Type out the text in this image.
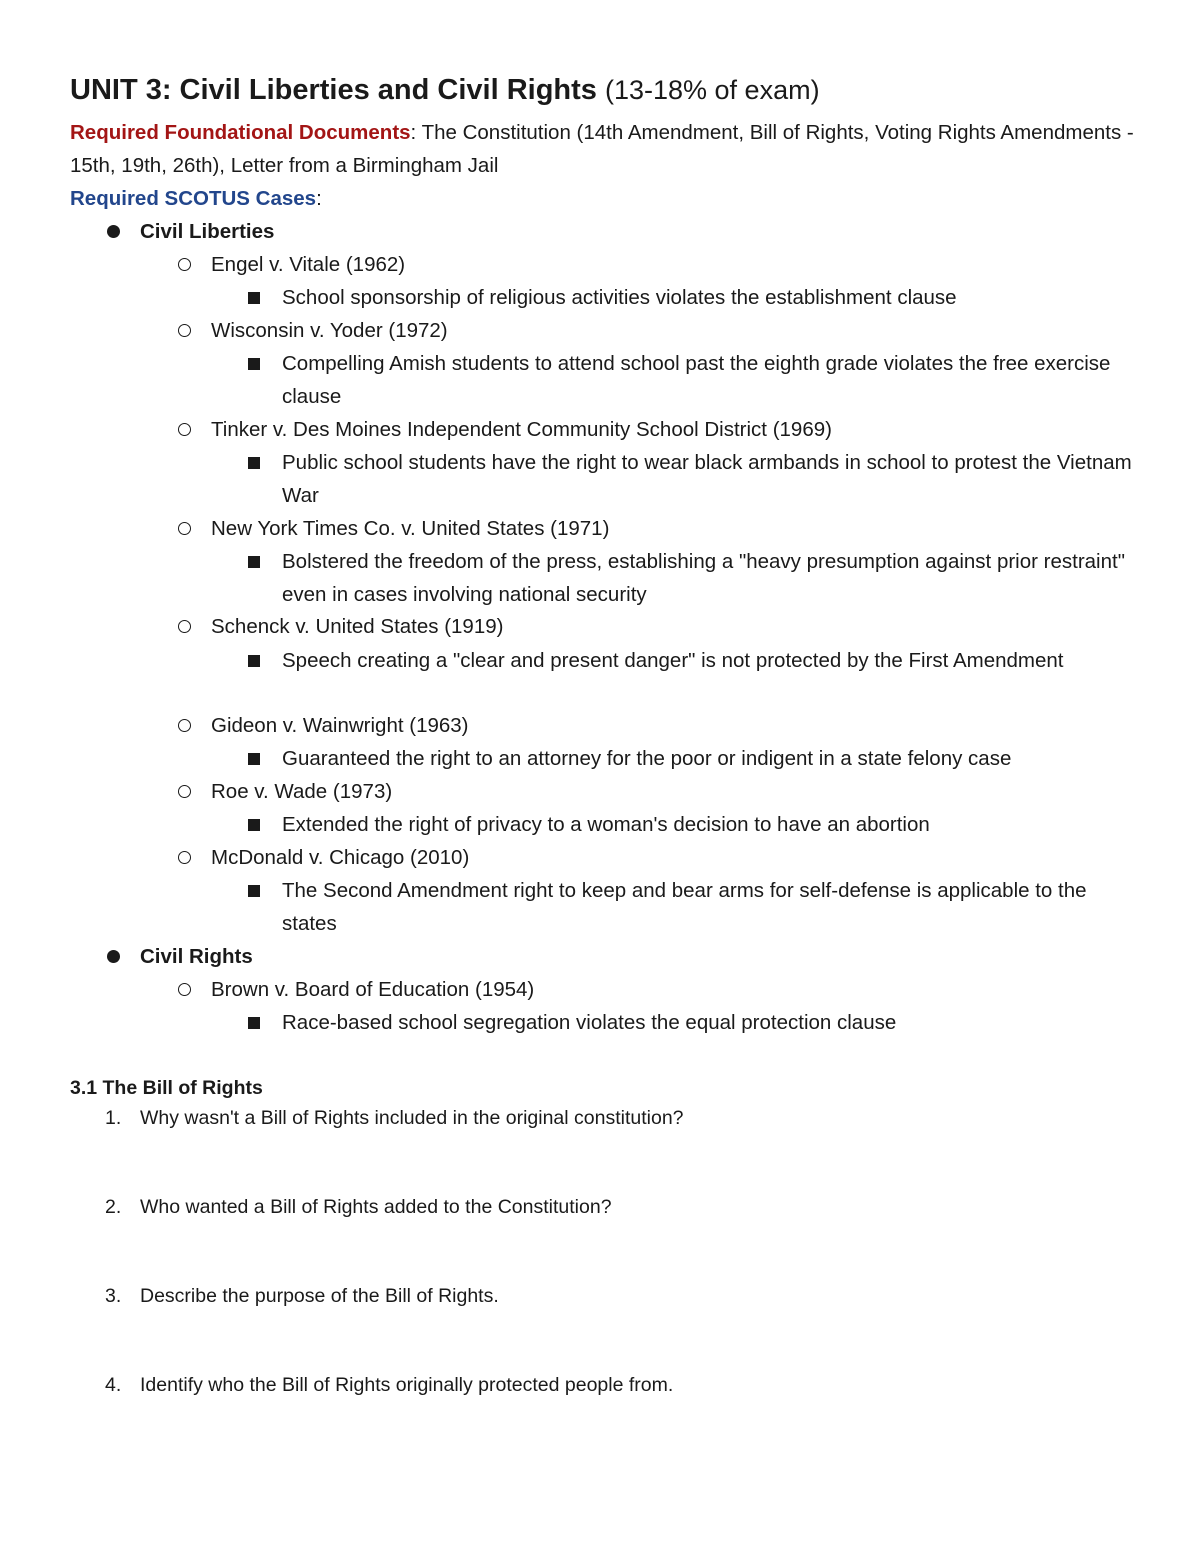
UNIT 3: Civil Liberties and Civil Rights (13-18% of exam)
Required Foundational Documents: The Constitution (14th Amendment, Bill of Rights, Voting Rights Amendments - 15th, 19th, 26th), Letter from a Birmingham Jail
Required SCOTUS Cases:
Civil Liberties
Engel v. Vitale (1962)
School sponsorship of religious activities violates the establishment clause
Wisconsin v. Yoder (1972)
Compelling Amish students to attend school past the eighth grade violates the free exercise clause
Tinker v. Des Moines Independent Community School District (1969)
Public school students have the right to wear black armbands in school to protest the Vietnam War
New York Times Co. v. United States (1971)
Bolstered the freedom of the press, establishing a "heavy presumption against prior restraint" even in cases involving national security
Schenck v. United States (1919)
Speech creating a "clear and present danger" is not protected by the First Amendment
Gideon v. Wainwright (1963)
Guaranteed the right to an attorney for the poor or indigent in a state felony case
Roe v. Wade (1973)
Extended the right of privacy to a woman's decision to have an abortion
McDonald v. Chicago (2010)
The Second Amendment right to keep and bear arms for self-defense is applicable to the states
Civil Rights
Brown v. Board of Education (1954)
Race-based school segregation violates the equal protection clause
3.1 The Bill of Rights
1. Why wasn't a Bill of Rights included in the original constitution?
2. Who wanted a Bill of Rights added to the Constitution?
3. Describe the purpose of the Bill of Rights.
4. Identify who the Bill of Rights originally protected people from.
